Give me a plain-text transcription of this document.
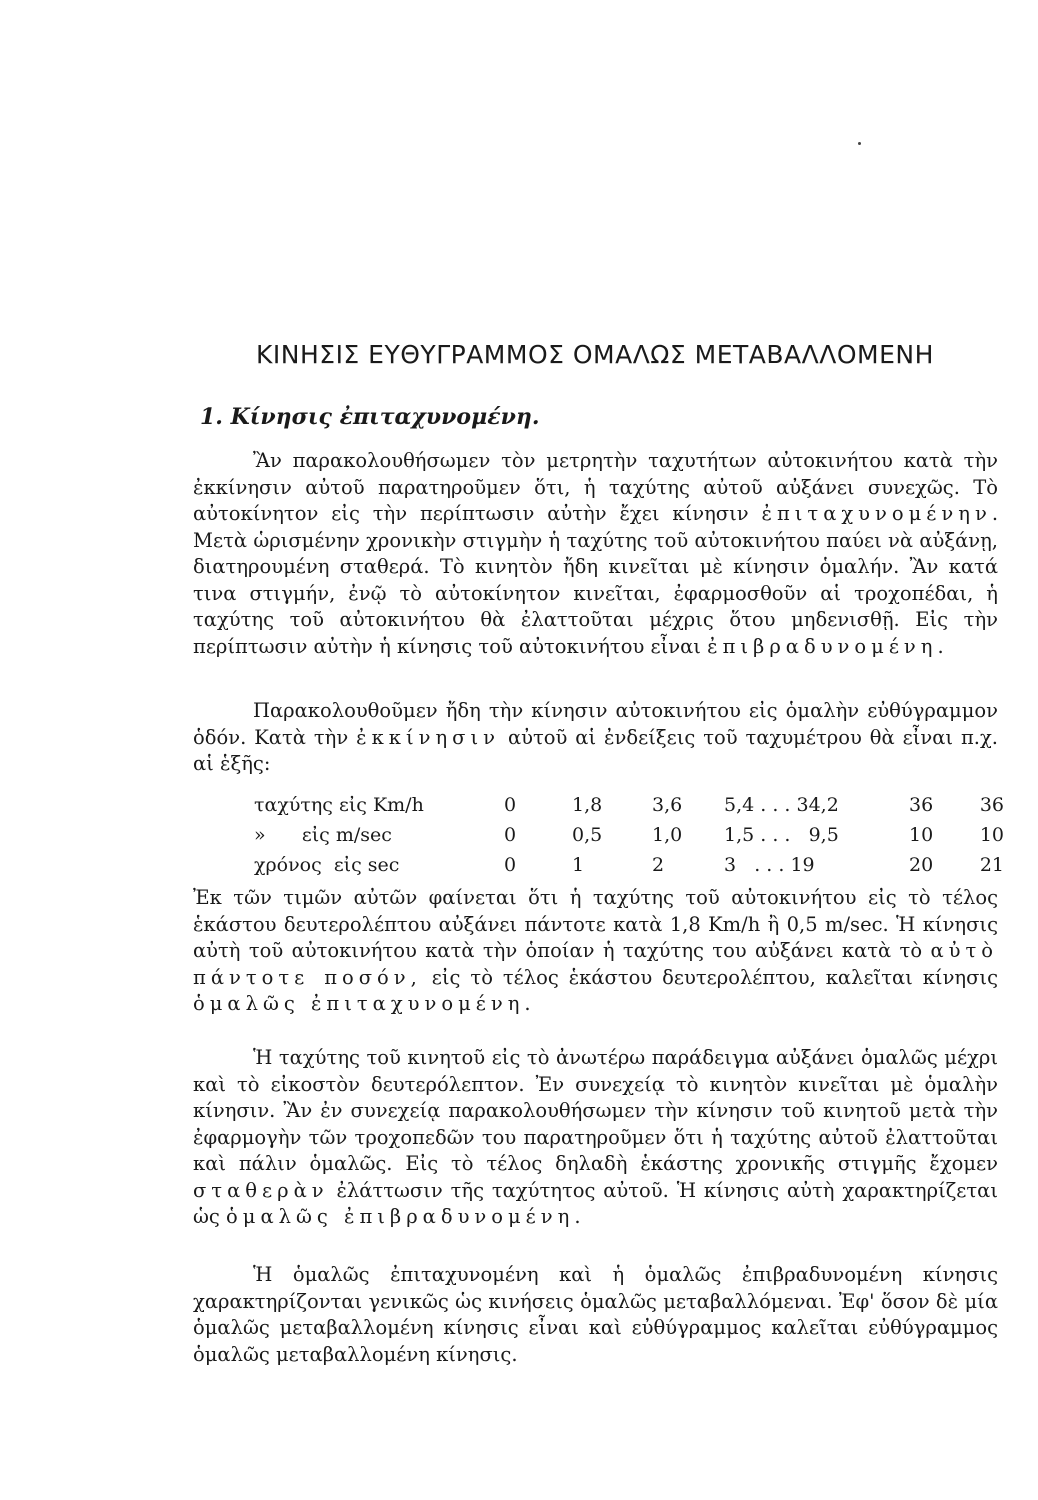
ΚΙΝΗΣΙΣ ΕΥΘΥΓΡΑΜΜΟΣ ΟΜΑΛΩΣ ΜΕΤΑΒΑΛΛΟΜΕΝΗ
1. Κίνησις ἐπιταχυνομένη.
Ἂν παρακολουθήσωμεν τὸν μετρητὴν ταχυτήτων αὐτοκινήτου κατὰ τὴν ἐκκίνησιν αὐτοῦ παρατηροῦμεν ὅτι, ἡ ταχύτης αὐτοῦ αὐξάνει συνεχῶς. Τὸ αὐτοκίνητον εἰς τὴν περίπτωσιν αὐτὴν ἔχει κίνησιν ἐπιταχυνομένην. Μετὰ ὡρισμένην χρονικὴν στιγμὴν ἡ ταχύτης τοῦ αὐτοκινήτου παύει νὰ αὐξάνῃ, διατηρουμένη σταθερά. Τὸ κινητὸν ἤδη κινεῖται μὲ κίνησιν ὁμαλήν. Ἂν κατά τινα στιγμήν, ἐνῷ τὸ αὐτοκίνητον κινεῖται, ἐφαρμοσθοῦν αἱ τροχοπέδαι, ἡ ταχύτης τοῦ αὐτοκινήτου θὰ ἐλαττοῦται μέχρις ὅτου μηδενισθῇ. Εἰς τὴν περίπτωσιν αὐτὴν ἡ κίνησις τοῦ αὐτοκινήτου εἶναι ἐπιβραδυνομένη.
Παρακολουθοῦμεν ἤδη τὴν κίνησιν αὐτοκινήτου εἰς ὁμαλὴν εὐθύγραμμον ὁδόν. Κατὰ τὴν ἐκκίνησιν αὐτοῦ αἱ ἐνδείξεις τοῦ ταχυμέτρου θὰ εἶναι π.χ. αἱ ἑξῆς:
ταχύτης εἰς Km/h	0	1,8	3,6	5,4 . . . 34,2	36	36
»      εἰς m/sec	0	0,5	1,0	1,5 . . .   9,5	10	10
χρόνος  εἰς sec	0	1	2	3   . . . 19	20	21
Ἐκ τῶν τιμῶν αὐτῶν φαίνεται ὅτι ἡ ταχύτης τοῦ αὐτοκινήτου εἰς τὸ τέλος ἑκάστου δευτερολέπτου αὐξάνει πάντοτε κατὰ 1,8 Km/h ἢ 0,5 m/sec. Ἡ κίνησις αὐτὴ τοῦ αὐτοκινήτου κατὰ τὴν ὁποίαν ἡ ταχύτης του αὐξάνει κατὰ τὸ αὐτὸ πάντοτε ποσόν, εἰς τὸ τέλος ἑκάστου δευτερολέπτου, καλεῖται κίνησις ὁμαλῶς ἐπιταχυνομένη.
Ἡ ταχύτης τοῦ κινητοῦ εἰς τὸ ἀνωτέρω παράδειγμα αὐξάνει ὁμαλῶς μέχρι καὶ τὸ εἰκοστὸν δευτερόλεπτον. Ἐν συνεχείᾳ τὸ κινητὸν κινεῖται μὲ ὁμαλὴν κίνησιν. Ἂν ἐν συνεχείᾳ παρακολουθήσωμεν τὴν κίνησιν τοῦ κινητοῦ μετὰ τὴν ἐφαρμογὴν τῶν τροχοπεδῶν του παρατηροῦμεν ὅτι ἡ ταχύτης αὐτοῦ ἐλαττοῦται καὶ πάλιν ὁμαλῶς. Εἰς τὸ τέλος δηλαδὴ ἑκάστης χρονικῆς στιγμῆς ἔχομεν σταθερὰν ἐλάττωσιν τῆς ταχύτητος αὐτοῦ. Ἡ κίνησις αὐτὴ χαρακτηρίζεται ὡς ὁμαλῶς ἐπιβραδυνομένη.
Ἡ ὁμαλῶς ἐπιταχυνομένη καὶ ἡ ὁμαλῶς ἐπιβραδυνομένη κίνησις χαρακτηρίζονται γενικῶς ὡς κινήσεις ὁμαλῶς μεταβαλλόμεναι. Ἐφ' ὅσον δὲ μία ὁμαλῶς μεταβαλλομένη κίνησις εἶναι καὶ εὐθύγραμμος καλεῖται εὐθύγραμμος ὁμαλῶς μεταβαλλομένη κίνησις.
